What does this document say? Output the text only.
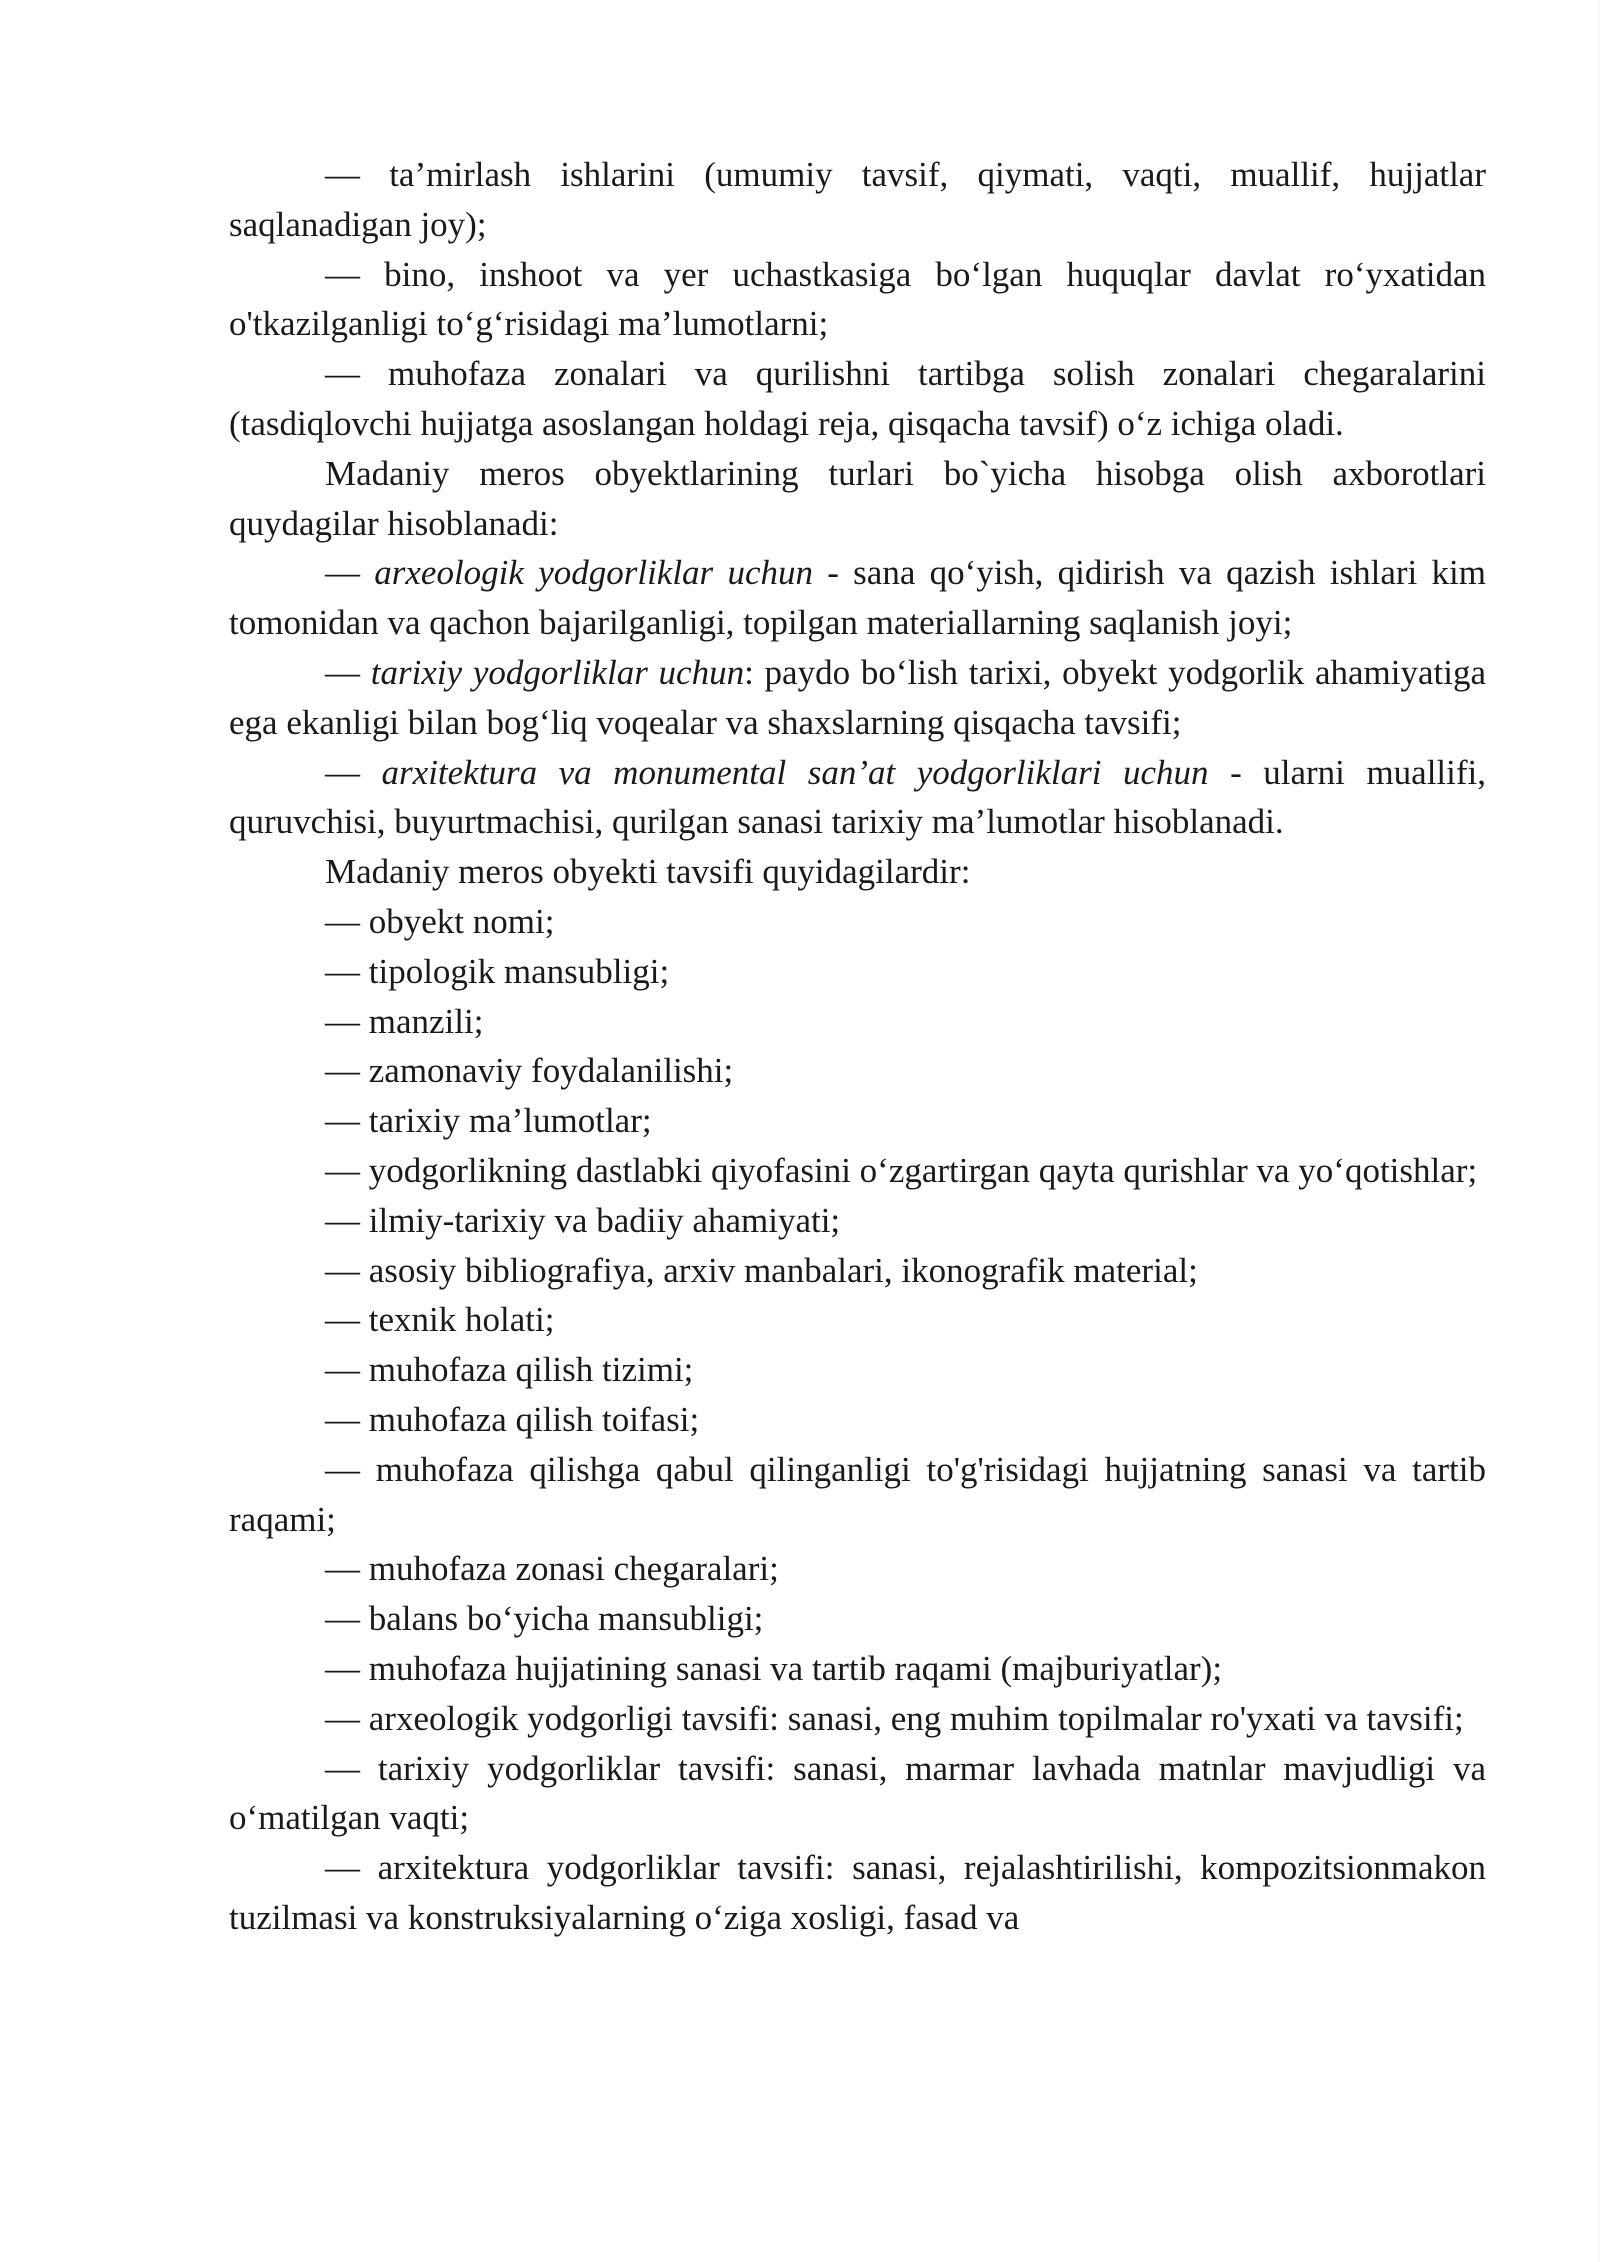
— ta’mirlash ishlarini (umumiy tavsif, qiymati, vaqti, muallif, hujjatlar saqlanadigan joy);

— bino, inshoot va yer uchastkasiga bo‘lgan huquqlar davlat ro‘yxatidan o'tkazilganligi to‘g‘risidagi ma’lumotlarni;

— muhofaza zonalari va qurilishni tartibga solish zonalari chegaralarini (tasdiqlovchi hujjatga asoslangan holdagi reja, qisqacha tavsif) o‘z ichiga oladi.

Madaniy meros obyektlarining turlari bo`yicha hisobga olish axborotlari quydagilar hisoblanadi:

— arxeologik yodgorliklar uchun - sana qo‘yish, qidirish va qazish ishlari kim tomonidan va qachon bajarilganligi, topilgan materiallarning saqlanish joyi;

— tarixiy yodgorliklar uchun: paydo bo‘lish tarixi, obyekt yodgorlik ahamiyatiga ega ekanligi bilan bog‘liq voqealar va shaxslarning qisqacha tavsifi;

— arxitektura va monumental san’at yodgorliklari uchun - ularni muallifi, quruvchisi, buyurtmachisi, qurilgan sanasi tarixiy ma’lumotlar hisoblanadi.

Madaniy meros obyekti tavsifi quyidagilardir:

— obyekt nomi;

— tipologik mansubligi;

— manzili;

— zamonaviy foydalanilishi;

— tarixiy ma’lumotlar;

— yodgorlikning dastlabki qiyofasini o‘zgartirgan qayta qurishlar va yo‘qotishlar;

— ilmiy-tarixiy va badiiy ahamiyati;

— asosiy bibliografiya, arxiv manbalari, ikonografik material;

— texnik holati;

— muhofaza qilish tizimi;

— muhofaza qilish toifasi;

— muhofaza qilishga qabul qilinganligi to'g'risidagi hujjatning sanasi va tartib raqami;

— muhofaza zonasi chegaralari;

— balans bo‘yicha mansubligi;

— muhofaza hujjatining sanasi va tartib raqami (majburiyatlar);

— arxeologik yodgorligi tavsifi: sanasi, eng muhim topilmalar ro'yxati va tavsifi;

— tarixiy yodgorliklar tavsifi: sanasi, marmar lavhada matnlar mavjudligi va o‘matilgan vaqti;

— arxitektura yodgorliklar tavsifi: sanasi, rejalashtirilishi, kompozitsionmakon tuzilmasi va konstruksiyalarning o‘ziga xosligi, fasad va
